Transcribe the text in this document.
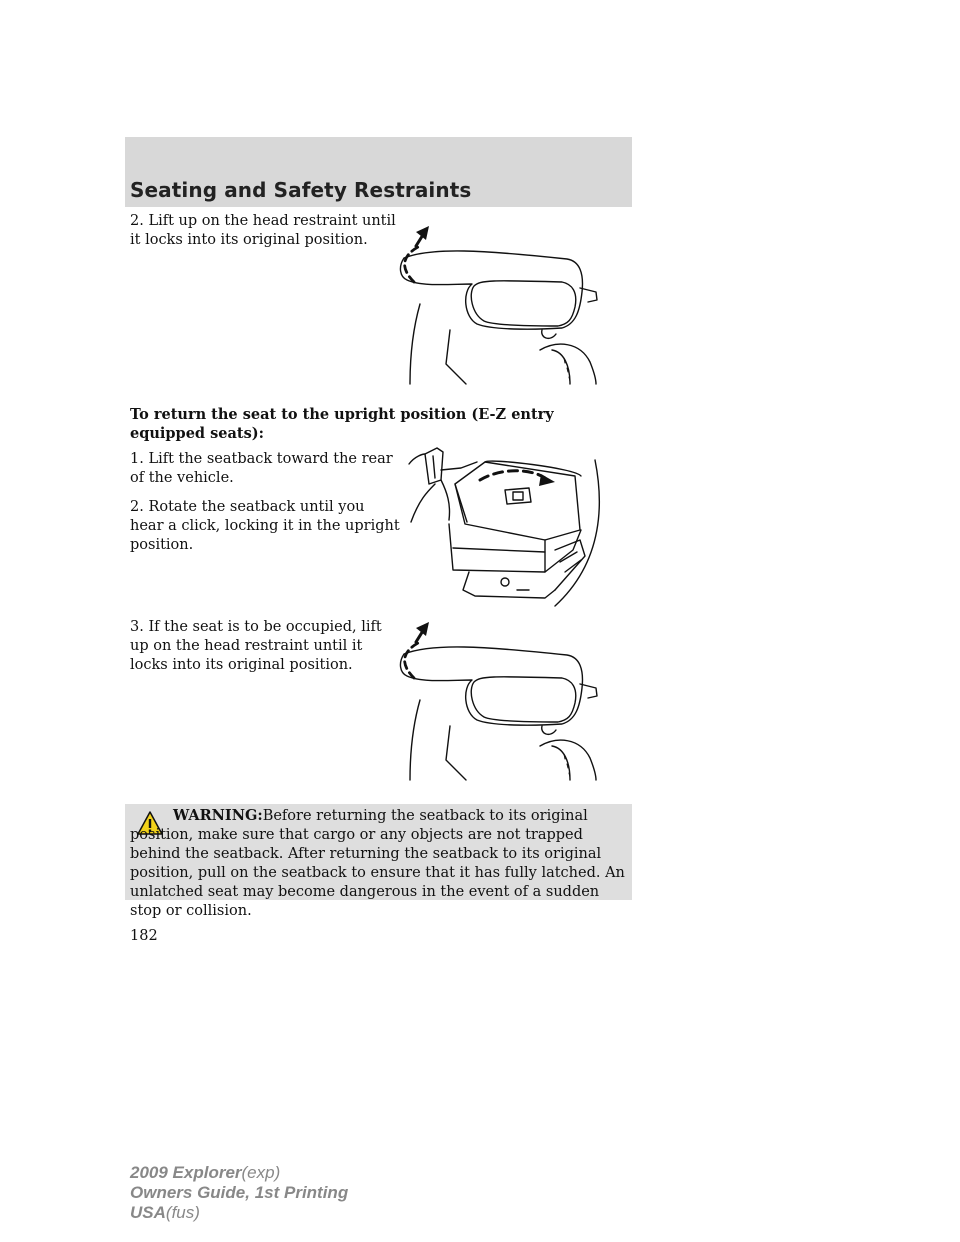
Seating and Safety Restraints
2. Lift up on the head restraint until
it locks into its original position.
To return the seat to the upright position (E-Z entry equipped seats):
1. Lift the seatback toward the rear
of the vehicle.
2. Rotate the seatback until you
hear a click, locking it in the upright
position.
3. If the seat is to be occupied, lift
up on the head restraint until it
locks into its original position.
WARNING:Before returning the seatback to its original position, make sure that cargo or any objects are not trapped behind the seatback. After returning the seatback to its original position, pull on the seatback to ensure that it has fully latched. An unlatched seat may become dangerous in the event of a sudden stop or collision.
182
2009 Explorer(exp)
Owners Guide, 1st Printing
USA(fus)
